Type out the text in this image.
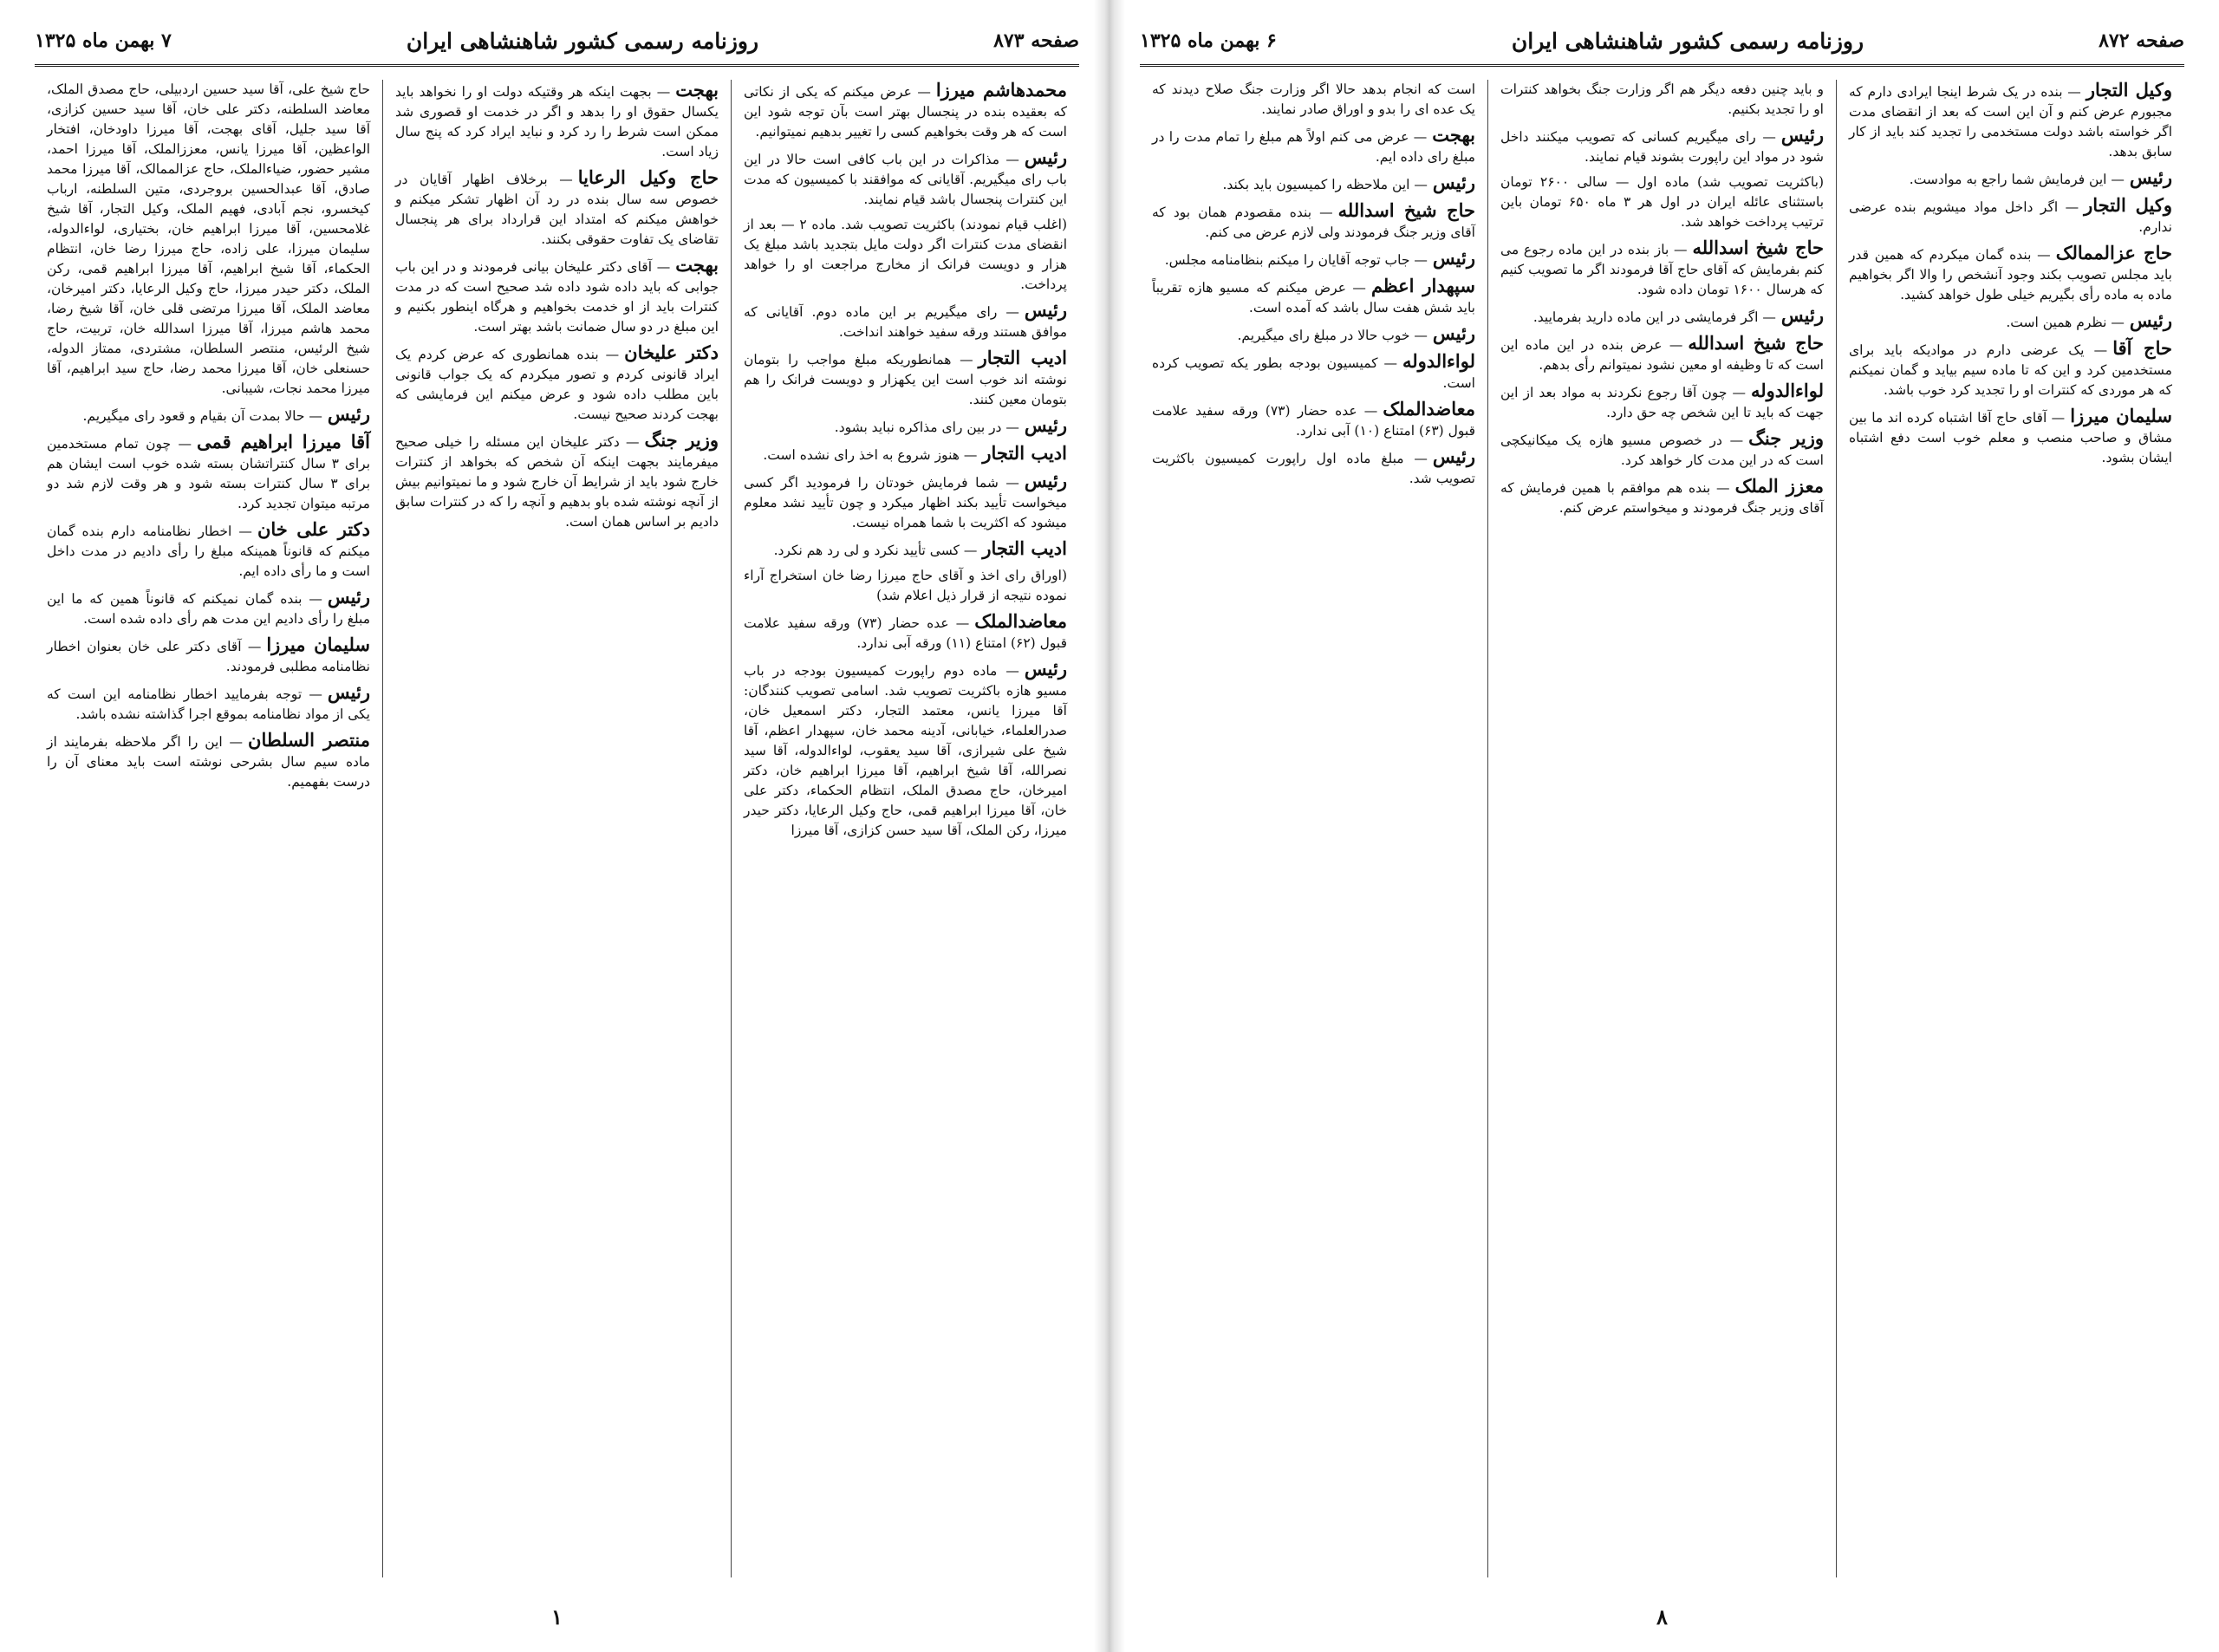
صفحه ۸۷۳
روزنامه رسمی کشور شاهنشاهی ایران
۷ بهمن ماه ۱۳۲۵

محمدهاشم میرزا— عرض میکنم که یکی از نکاتی که بعقیده بنده در پنجسال بهتر است بآن توجه شود این است که هر وقت بخواهیم کسی را تغییر بدهیم نمیتوانیم.

رئیس— مذاکرات در این باب کافی است حالا در این باب رای میگیریم. آقایانی که موافقند با کمیسیون که مدت این کنترات پنجسال باشد قیام نمایند.

(اغلب قیام نمودند) باکثریت تصویب شد. ماده ۲ — بعد از انقضای مدت کنترات اگر دولت مایل بتجدید باشد مبلغ یک هزار و دویست فرانک از مخارج مراجعت او را خواهد پرداخت.

رئیس— رای میگیریم بر این ماده دوم. آقایانی که موافق هستند ورقه سفید خواهند انداخت.

ادیب التجار— همانطوریکه مبلغ مواجب را بتومان نوشته اند خوب است این یکهزار و دویست فرانک را هم بتومان معین کنند.

رئیس— در بین رای مذاکره نباید بشود.

ادیب التجار— هنوز شروع به اخذ رای نشده است.

رئیس— شما فرمایش خودتان را فرمودید اگر کسی میخواست تأیید بکند اظهار میکرد و چون تأیید نشد معلوم میشود که اکثریت با شما همراه نیست.

ادیب التجار— کسی تأیید نکرد و لی رد هم نکرد.

(اوراق رای اخذ و آقای حاج میرزا رضا خان استخراج آراء نموده نتیجه از قرار ذیل اعلام شد)

معاضدالملک— عده حضار (۷۳) ورقه سفید علامت قبول (۶۲) امتناع (۱۱) ورقه آبی ندارد.

رئیس— ماده دوم راپورت کمیسیون بودجه در باب مسیو هازه باکثریت تصویب شد. اسامی تصویب کنندگان: آقا میرزا یانس، معتمد التجار، دکتر اسمعیل خان، صدرالعلماء، خیابانی، آدینه محمد خان، سپهدار اعظم، آقا شیخ علی شیرازی، آقا سید یعقوب، لواءالدوله، آقا سید نصرالله، آقا شیخ ابراهیم، آقا میرزا ابراهیم خان، دکتر امیرخان، حاج مصدق الملک، انتظام الحکماء، دکتر علی خان، آقا میرزا ابراهیم قمی، حاج وکیل الرعایا، دکتر حیدر میرزا، رکن الملک، آقا سید حسن کزازی، آقا میرزا

بهجت— بجهت اینکه هر وقتیکه دولت او را نخواهد باید یکسال حقوق او را بدهد و اگر در خدمت او قصوری شد ممکن است شرط را رد کرد و نباید ایراد کرد که پنج سال زیاد است.

حاج وکیل الرعایا— برخلاف اظهار آقایان در خصوص سه سال بنده در رد آن اظهار تشکر میکنم و خواهش میکنم که امتداد این قرارداد برای هر پنجسال تقاضای یک تفاوت حقوقی بکنند.

بهجت— آقای دکتر علیخان بیانی فرمودند و در این باب جوابی که باید داده شود داده شد صحیح است که در مدت کنترات باید از او خدمت بخواهیم و هرگاه اینطور بکنیم و این مبلغ در دو سال ضمانت باشد بهتر است.

دکتر علیخان— بنده همانطوری که عرض کردم یک ایراد قانونی کردم و تصور میکردم که یک جواب قانونی باین مطلب داده شود و عرض میکنم این فرمایشی که بهجت کردند صحیح نیست.

وزیر جنگ— دکتر علیخان این مسئله را خیلی صحیح میفرمایند بجهت اینکه آن شخص که بخواهد از کنترات خارج شود باید از شرایط آن خارج شود و ما نمیتوانیم بیش از آنچه نوشته شده باو بدهیم و آنچه را که در کنترات سابق دادیم بر اساس همان است.

حاج شیخ علی، آقا سید حسین اردبیلی، حاج مصدق الملک، معاضد السلطنه، دکتر علی خان، آقا سید حسین کزازی، آقا سید جلیل، آقای بهجت، آقا میرزا داودخان، افتخار الواعظین، آقا میرزا یانس، معززالملک، آقا میرزا احمد، مشیر حضور، ضیاءالملک، حاج عزالممالک، آقا میرزا محمد صادق، آقا عبدالحسین بروجردی، متین السلطنه، ارباب کیخسرو، نجم آبادی، فهیم الملک، وکیل التجار، آقا شیخ غلامحسین، آقا میرزا ابراهیم خان، بختیاری، لواءالدوله، سلیمان میرزا، علی زاده، حاج میرزا رضا خان، انتظام الحکماء، آقا شیخ ابراهیم، آقا میرزا ابراهیم قمی، رکن الملک، دکتر حیدر میرزا، حاج وکیل الرعایا، دکتر امیرخان، معاضد الملک، آقا میرزا مرتضی قلی خان، آقا شیخ رضا، محمد هاشم میرزا، آقا میرزا اسدالله خان، تربیت، حاج شیخ الرئیس، منتصر السلطان، مشتردی، ممتاز الدوله، حسنعلی خان، آقا میرزا محمد رضا، حاج سید ابراهیم، آقا میرزا محمد نجات، شیبانی.

رئیس— حالا بمدت آن بقیام و قعود رای میگیریم.

آقا میرزا ابراهیم قمی— چون تمام مستخدمین برای ۳ سال کنتراتشان بسته شده خوب است ایشان هم برای ۳ سال کنترات بسته شود و هر وقت لازم شد دو مرتبه میتوان تجدید کرد.

دکتر علی خان— اخطار نظامنامه دارم بنده گمان میکنم که قانوناً همینکه مبلغ را رأی دادیم در مدت داخل است و ما رأی داده ایم.

رئیس— بنده گمان نمیکنم که قانوناً همین که ما این مبلغ را رأی دادیم این مدت هم رأی داده شده است.

سلیمان میرزا— آقای دکتر علی خان بعنوان اخطار نظامنامه مطلبی فرمودند.

رئیس— توجه بفرمایید اخطار نظامنامه این است که یکی از مواد نظامنامه بموقع اجرا گذاشته نشده باشد.

منتصر السلطان— این را اگر ملاحظه بفرمایند از ماده سیم سال بشرحی نوشته است باید معنای آن را درست بفهمیم.

۱
صفحه ۸۷۲
روزنامه رسمی کشور شاهنشاهی ایران
۶ بهمن ماه ۱۳۲۵

وکیل التجار— بنده در یک شرط اینجا ایرادی دارم که مجبورم عرض کنم و آن این است که بعد از انقضای مدت اگر خواسته باشد دولت مستخدمی را تجدید کند باید از کار سابق بدهد.

رئیس— این فرمایش شما راجع به موادست.

وکیل التجار— اگر داخل مواد میشویم بنده عرضی ندارم.

حاج عزالممالک— بنده گمان میکردم که همین قدر باید مجلس تصویب بکند وجود آنشخص را والا اگر بخواهیم ماده به ماده رأی بگیریم خیلی طول خواهد کشید.

رئیس— نظرم همین است.

حاج آقا— یک عرضی دارم در موادیکه باید برای مستخدمین کرد و این که تا ماده سیم بیاید و گمان نمیکنم که هر موردی که کنترات او را تجدید کرد خوب باشد.

سلیمان میرزا— آقای حاج آقا اشتباه کرده اند ما بین مشاق و صاحب منصب و معلم خوب است دفع اشتباه ایشان بشود.

و باید چنین دفعه دیگر هم اگر وزارت جنگ بخواهد کنترات او را تجدید بکنیم.

رئیس— رای میگیریم کسانی که تصویب میکنند داخل شود در مواد این راپورت بشوند قیام نمایند.

(باکثریت تصویب شد) ماده اول — سالی ۲۶۰۰ تومان باستثنای عائله ایران در اول هر ۳ ماه ۶۵۰ تومان باین ترتیب پرداخت خواهد شد.

حاج شیخ اسدالله— باز بنده در این ماده رجوع می کنم بفرمایش که آقای حاج آقا فرمودند اگر ما تصویب کنیم که هرسال ۱۶۰۰ تومان داده شود.

رئیس— اگر فرمایشی در این ماده دارید بفرمایید.

حاج شیخ اسدالله— عرض بنده در این ماده این است که تا وظیفه او معین نشود نمیتوانم رأی بدهم.

لواءالدوله— چون آقا رجوع نکردند به مواد بعد از این جهت که باید تا این شخص چه حق دارد.

وزیر جنگ— در خصوص مسیو هازه یک میکانیکچی است که در این مدت کار خواهد کرد.

معزز الملک— بنده هم موافقم با همین فرمایش که آقای وزیر جنگ فرمودند و میخواستم عرض کنم.

است که انجام بدهد حالا اگر وزارت جنگ صلاح دیدند که یک عده ای را بدو و اوراق صادر نمایند.

بهجت— عرض می کنم اولاً هم مبلغ را تمام مدت را در مبلغ رای داده ایم.

رئیس— این ملاحظه را کمیسیون باید بکند.

حاج شیخ اسدالله— بنده مقصودم همان بود که آقای وزیر جنگ فرمودند ولی لازم عرض می کنم.

رئیس— جاب توجه آقایان را میکنم بنظامنامه مجلس.

سپهدار اعظم— عرض میکنم که مسیو هازه تقریباً باید شش هفت سال باشد که آمده است.

رئیس— خوب حالا در مبلغ رای میگیریم.

لواءالدوله— کمیسیون بودجه بطور یکه تصویب کرده است.

معاضدالملک— عده حضار (۷۳) ورقه سفید علامت قبول (۶۳) امتناع (۱۰) آبی ندارد.

رئیس— مبلغ ماده اول راپورت کمیسیون باکثریت تصویب شد.

۸
